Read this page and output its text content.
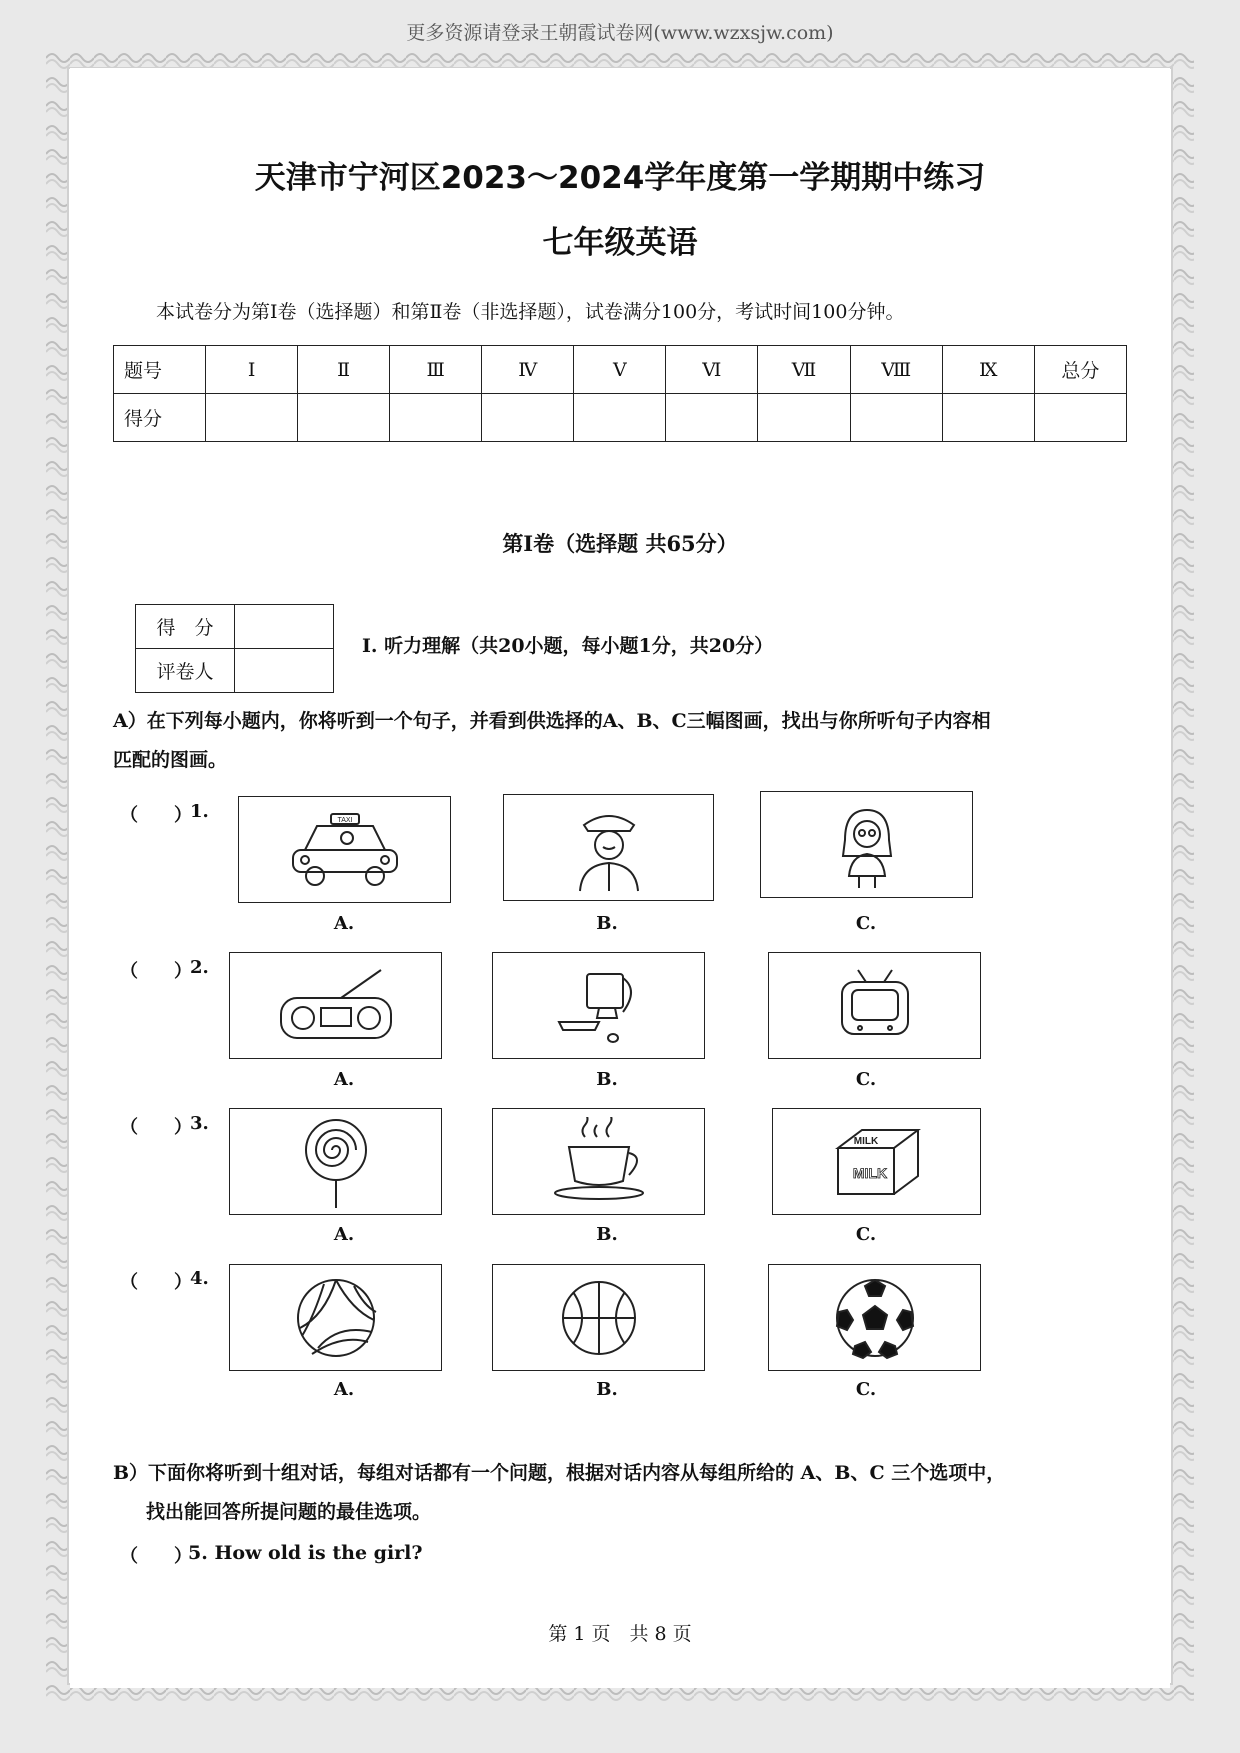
更多资源请登录王朝霞试卷网(www.wzxsjw.com)
天津市宁河区2023～2024学年度第一学期期中练习
七年级英语
本试卷分为第Ⅰ卷（选择题）和第Ⅱ卷（非选择题），试卷满分100分，考试时间100分钟。
题号	Ⅰ	Ⅱ	Ⅲ	Ⅳ	Ⅴ	Ⅵ	Ⅶ	Ⅷ	Ⅸ	总分
得分										
第Ⅰ卷（选择题 共65分）
得　分	
评卷人	
Ⅰ. 听力理解（共20小题，每小题1分，共20分）
A）在下列每小题内，你将听到一个句子，并看到供选择的A、B、C三幅图画，找出与你所听句子内容相
匹配的图画。
（　　）
1.	TAXI
A.	B.	C.
（　　）
2.
A.	B.	C.
（　　）
3.
MILK
MILK
A.	B.	C.
（　　）
4.
A.	B.	C.
B）下面你将听到十组对话，每组对话都有一个问题，根据对话内容从每组所给的 A、B、C 三个选项中，
找出能回答所提问题的最佳选项。
（　　）
5. How old is the girl?
第 1 页　共 8 页
